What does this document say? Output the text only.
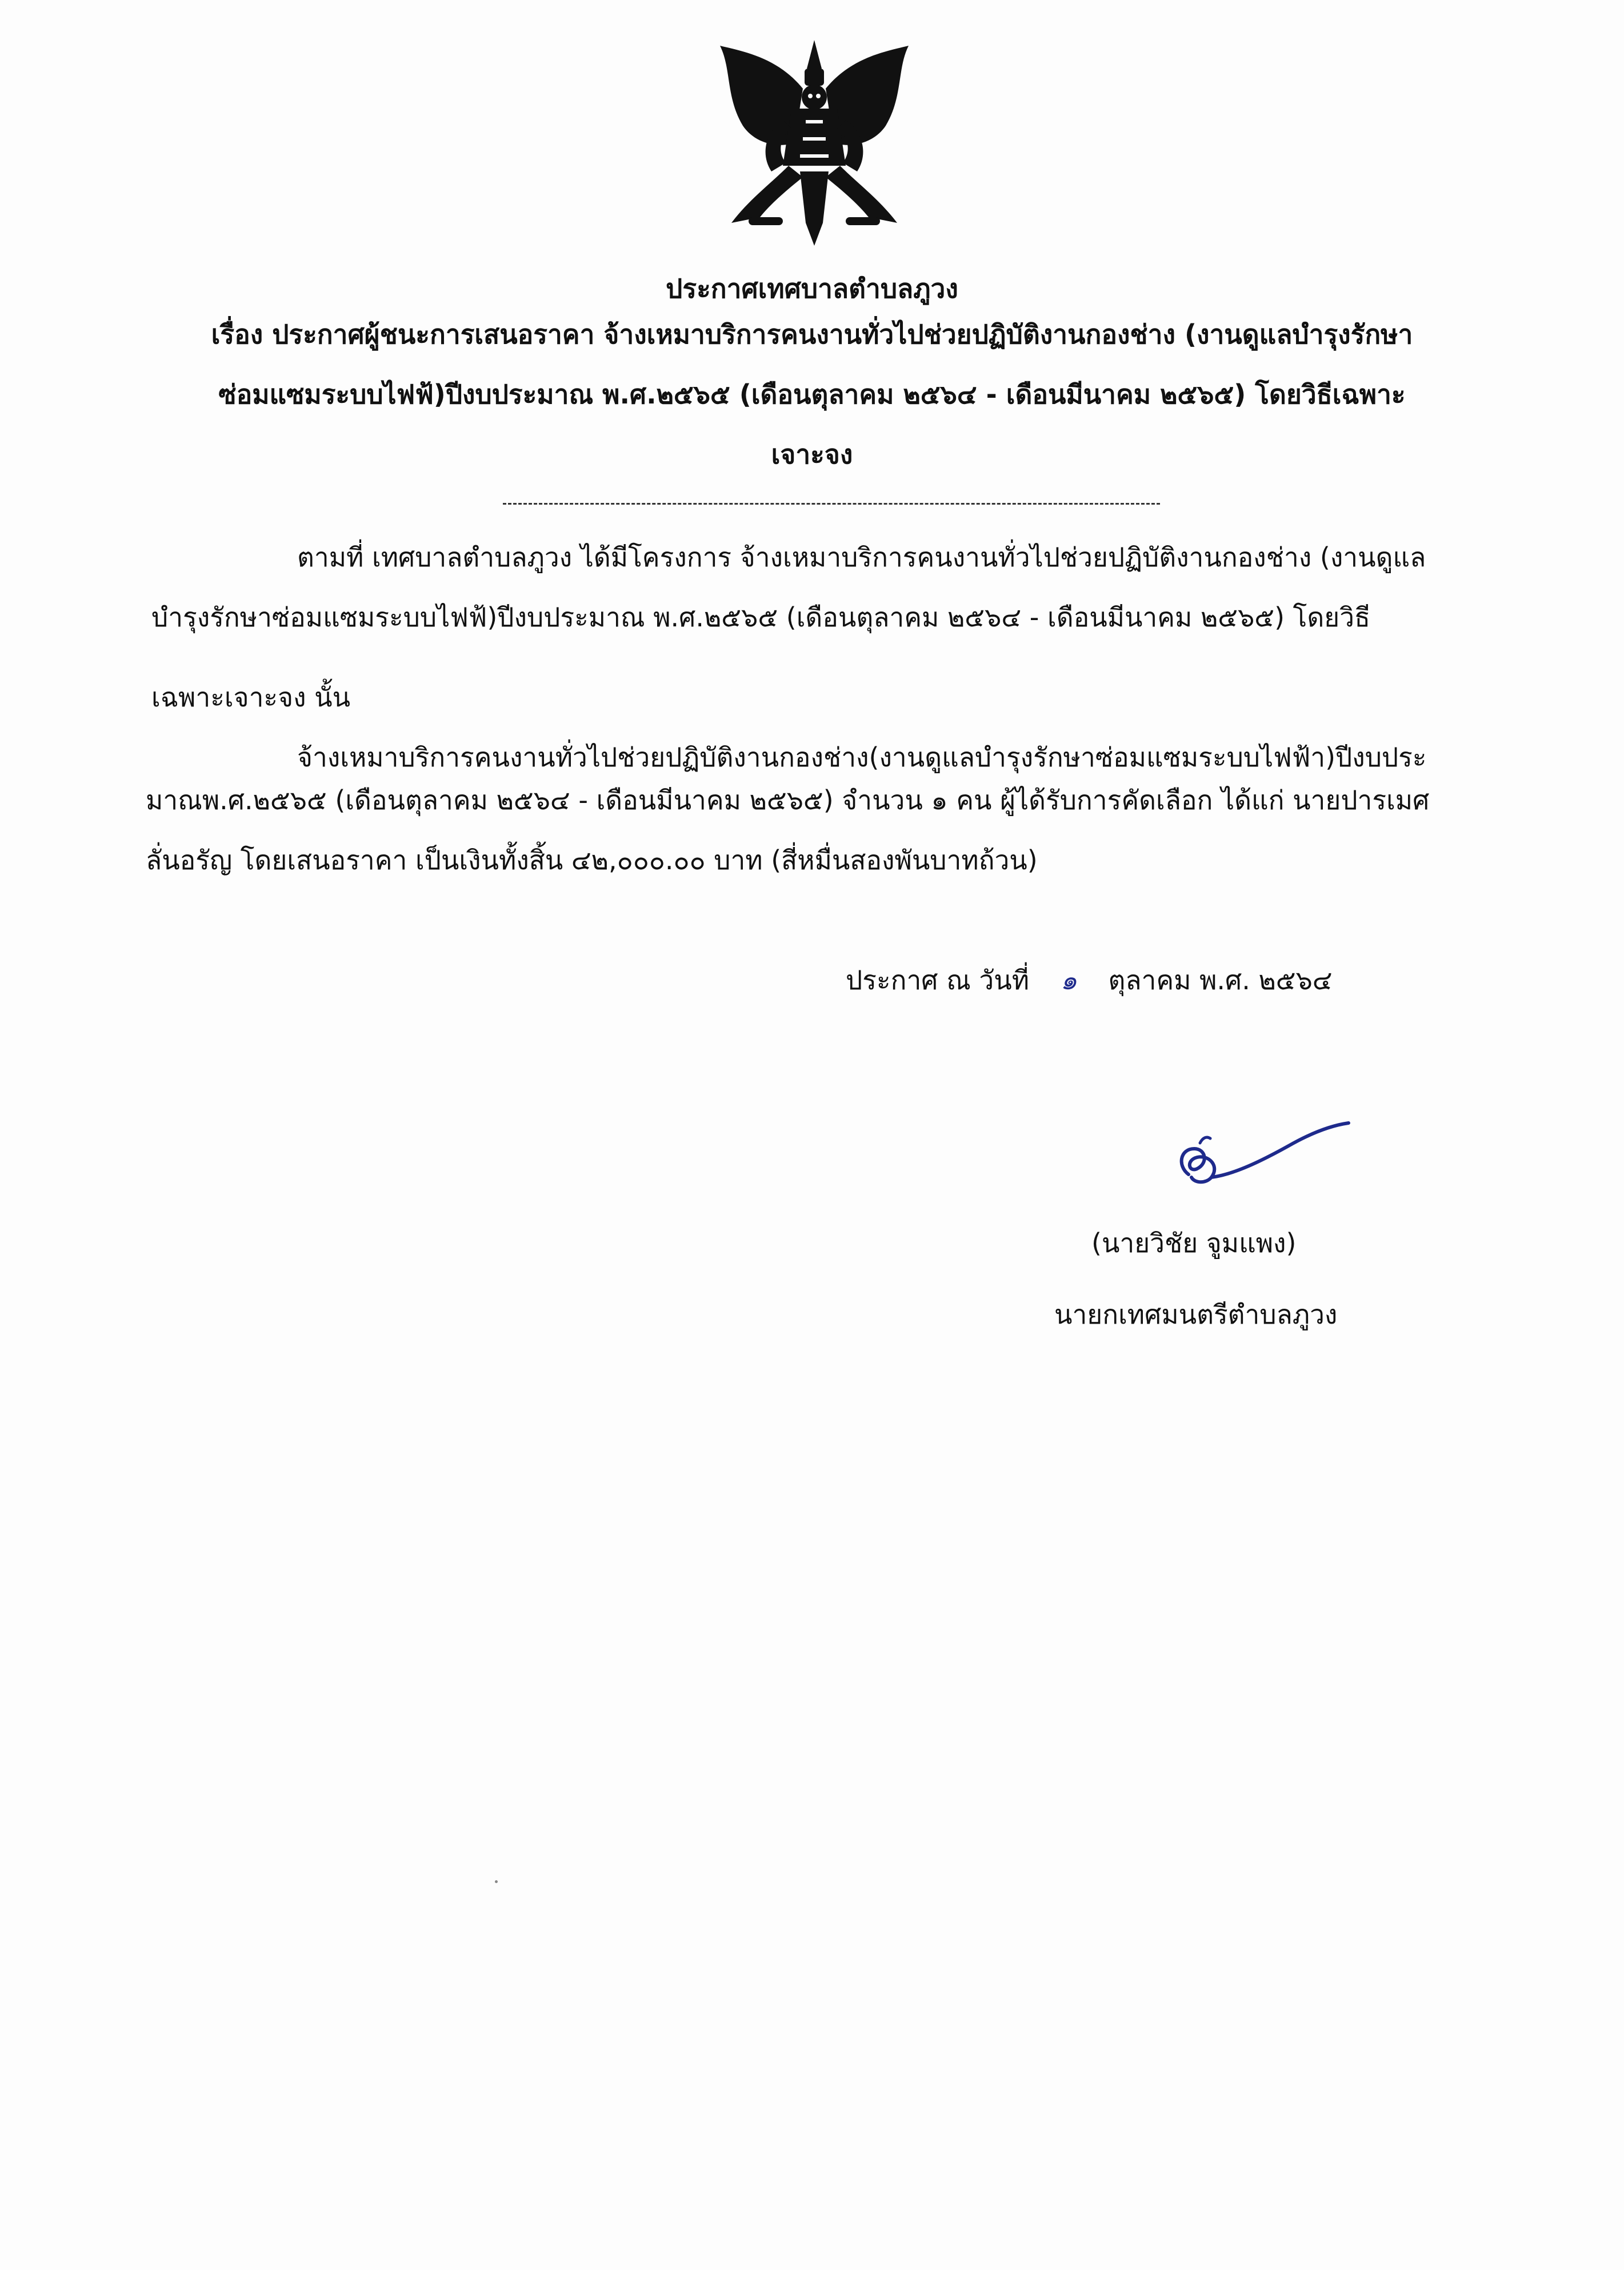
ประกาศเทศบาลตำบลภูวง
เรื่อง ประกาศผู้ชนะการเสนอราคา จ้างเหมาบริการคนงานทั่วไปช่วยปฏิบัติงานกองช่าง (งานดูแลบำรุงรักษา
ซ่อมแซมระบบไฟฟ้)ปีงบประมาณ พ.ศ.๒๕๖๕ (เดือนตุลาคม ๒๕๖๔ - เดือนมีนาคม ๒๕๖๕) โดยวิธีเฉพาะ
เจาะจง
ตามที่ เทศบาลตำบลภูวง ได้มีโครงการ จ้างเหมาบริการคนงานทั่วไปช่วยปฏิบัติงานกองช่าง (งานดูแล
บำรุงรักษาซ่อมแซมระบบไฟฟ้)ปีงบประมาณ พ.ศ.๒๕๖๕ (เดือนตุลาคม ๒๕๖๔ - เดือนมีนาคม ๒๕๖๕) โดยวิธี
เฉพาะเจาะจง นั้น
จ้างเหมาบริการคนงานทั่วไปช่วยปฏิบัติงานกองช่าง(งานดูแลบำรุงรักษาซ่อมแซมระบบไฟฟ้า)ปีงบประ
มาณพ.ศ.๒๕๖๕ (เดือนตุลาคม ๒๕๖๔ - เดือนมีนาคม ๒๕๖๕) จำนวน ๑ คน ผู้ได้รับการคัดเลือก ได้แก่ นายปารเมศ
ลั่นอรัญ โดยเสนอราคา เป็นเงินทั้งสิ้น ๔๒,๐๐๐.๐๐ บาท (สี่หมื่นสองพันบาทถ้วน)
ประกาศ ณ วันที่ ๑ ตุลาคม พ.ศ. ๒๕๖๔
(นายวิชัย จูมแพง)
นายกเทศมนตรีตำบลภูวง
